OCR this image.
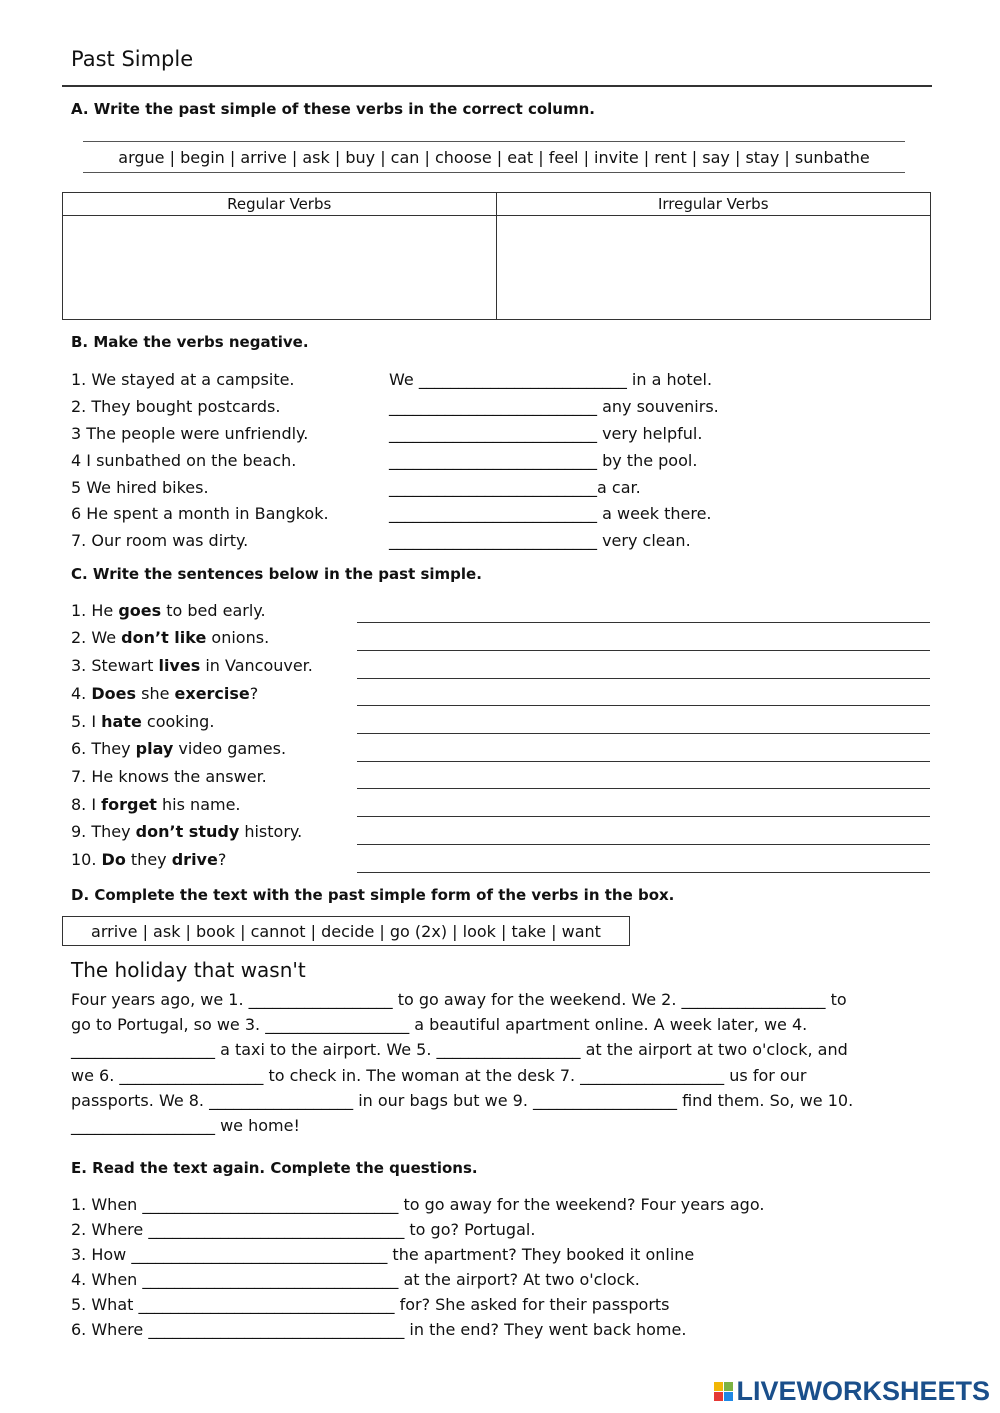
Past Simple
A. Write the past simple of these verbs in the correct column.
argue | begin | arrive | ask | buy | can | choose | eat | feel | invite | rent | say | stay | sunbathe
Regular Verbs	Irregular Verbs
B. Make the verbs negative.
1. We stayed at a campsite.	We __________________________ in a hotel.
2. They bought postcards.	__________________________ any souvenirs.
3 The people were unfriendly.	__________________________ very helpful.
4 I sunbathed on the beach.	__________________________ by the pool.
5 We hired bikes.	__________________________a car.
6 He spent a month in Bangkok.	__________________________ a week there.
7. Our room was dirty.	__________________________ very clean.
C. Write the sentences below in the past simple.
1. He goes to bed early.
2. We don’t like onions.
3. Stewart lives in Vancouver.
4. Does she exercise?
5. I hate cooking.
6. They play video games.
7. He knows the answer.
8. I forget his name.
9. They don’t study history.
10. Do they drive?
D. Complete the text with the past simple form of the verbs in the box.
arrive | ask | book | cannot | decide | go (2x) | look | take | want
The holiday that wasn't
Four years ago, we 1. __________________ to go away for the weekend. We 2. __________________ to
go to Portugal, so we 3. __________________ a beautiful apartment online. A week later, we 4.
__________________ a taxi to the airport. We 5. __________________ at the airport at two o'clock, and
we 6. __________________ to check in. The woman at the desk 7. __________________ us for our
passports. We 8. __________________ in our bags but we 9. __________________ find them. So, we 10.
__________________ we home!
E. Read the text again. Complete the questions.
1. When ________________________________ to go away for the weekend? Four years ago.
2. Where ________________________________ to go? Portugal.
3. How ________________________________ the apartment? They booked it online
4. When ________________________________ at the airport? At two o'clock.
5. What ________________________________ for? She asked for their passports
6. Where ________________________________ in the end? They went back home.
LIVEWORKSHEETS
